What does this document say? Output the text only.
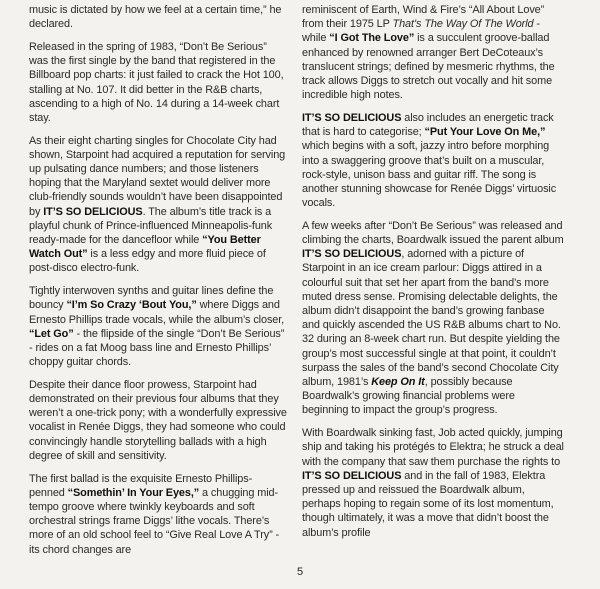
music is dictated by how we feel at a certain time,” he declared.

Released in the spring of 1983, “Don’t Be Serious” was the first single by the band that registered in the Billboard pop charts: it just failed to crack the Hot 100, stalling at No. 107. It did better in the R&B charts, ascending to a high of No. 14 during a 14-week chart stay.

As their eight charting singles for Chocolate City had shown, Starpoint had acquired a reputation for serving up pulsating dance numbers; and those listeners hoping that the Maryland sextet would deliver more club-friendly sounds wouldn’t have been disappointed by IT’S SO DELICIOUS. The album’s title track is a playful chunk of Prince-influenced Minneapolis-funk ready-made for the dancefloor while “You Better Watch Out” is a less edgy and more fluid piece of post-disco electro-funk.

Tightly interwoven synths and guitar lines define the bouncy “I’m So Crazy ‘Bout You,” where Diggs and Ernesto Phillips trade vocals, while the album’s closer, “Let Go” - the flipside of the single “Don’t Be Serious” - rides on a fat Moog bass line and Ernesto Phillips’ choppy guitar chords.

Despite their dance floor prowess, Starpoint had demonstrated on their previous four albums that they weren’t a one-trick pony; with a wonderfully expressive vocalist in Renée Diggs, they had someone who could convincingly handle storytelling ballads with a high degree of skill and sensitivity.

The first ballad is the exquisite Ernesto Phillips-penned “Somethin’ In Your Eyes,” a chugging mid-tempo groove where twinkly keyboards and soft orchestral strings frame Diggs’ lithe vocals. There’s more of an old school feel to “Give Real Love A Try” - its chord changes are

reminiscent of Earth, Wind & Fire’s “All About Love” from their 1975 LP That’s The Way Of The World - while “I Got The Love” is a succulent groove-ballad enhanced by renowned arranger Bert DeCoteaux’s translucent strings; defined by mesmeric rhythms, the track allows Diggs to stretch out vocally and hit some incredible high notes.

IT’S SO DELICIOUS also includes an energetic track that is hard to categorise; “Put Your Love On Me,” which begins with a soft, jazzy intro before morphing into a swaggering groove that’s built on a muscular, rock-style, unison bass and guitar riff. The song is another stunning showcase for Renée Diggs’ virtuosic vocals.

A few weeks after “Don’t Be Serious” was released and climbing the charts, Boardwalk issued the parent album IT’S SO DELICIOUS, adorned with a picture of Starpoint in an ice cream parlour: Diggs attired in a colourful suit that set her apart from the band’s more muted dress sense. Promising delectable delights, the album didn’t disappoint the band’s growing fanbase and quickly ascended the US R&B albums chart to No. 32 during an 8-week chart run. But despite yielding the group’s most successful single at that point, it couldn’t surpass the sales of the band’s second Chocolate City album, 1981’s Keep On It, possibly because Boardwalk’s growing financial problems were beginning to impact the group’s progress.

With Boardwalk sinking fast, Job acted quickly, jumping ship and taking his protégés to Elektra; he struck a deal with the company that saw them purchase the rights to IT’S SO DELICIOUS and in the fall of 1983, Elektra pressed up and reissued the Boardwalk album, perhaps hoping to regain some of its lost momentum, though ultimately, it was a move that didn’t boost the album’s profile

5
